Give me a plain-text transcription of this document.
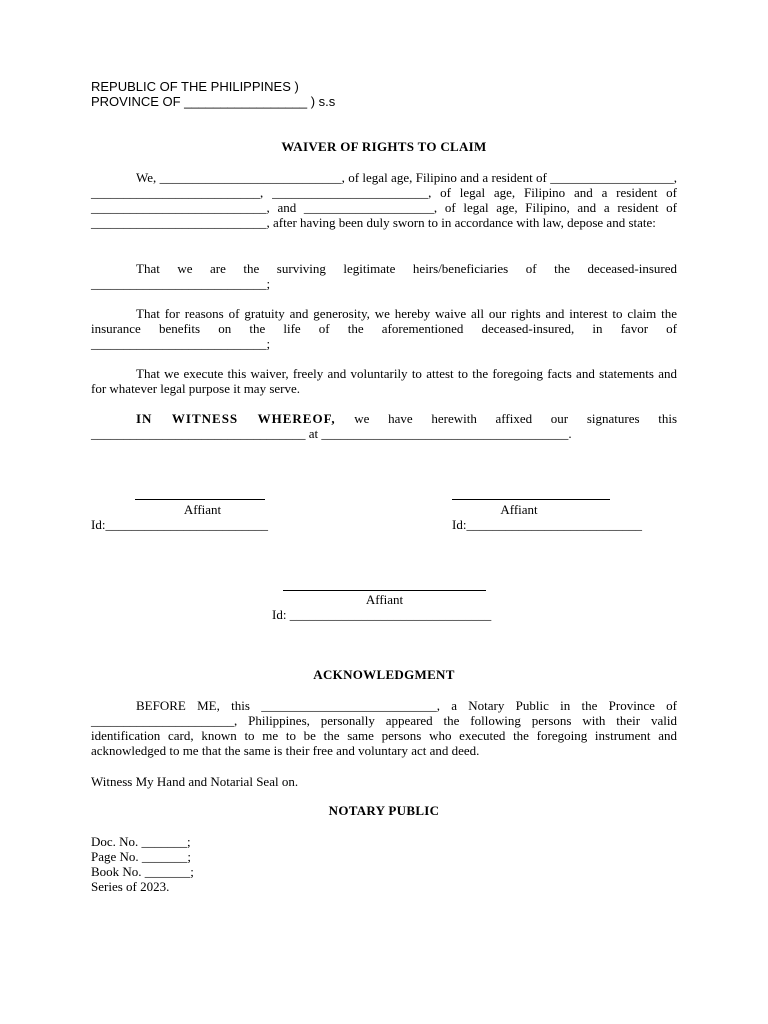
REPUBLIC OF THE PHILIPPINES )
PROVINCE OF _________________ ) s.s
WAIVER OF RIGHTS TO CLAIM
We, ____________________________, of legal age, Filipino and a resident of ___________________, __________________________, ________________________, of legal age, Filipino and a resident of ___________________________, and ____________________, of legal age, Filipino, and a resident of ___________________________, after having been duly sworn to in accordance with law, depose and state:
That we are the surviving legitimate heirs/beneficiaries of the deceased-insured ___________________________;
That for reasons of gratuity and generosity, we hereby waive all our rights and interest to claim the insurance benefits on the life of the aforementioned deceased-insured, in favor of ___________________________;
That we execute this waiver, freely and voluntarily to attest to the foregoing facts and statements and for whatever legal purpose it may serve.
IN WITNESS WHEREOF, we have herewith affixed our signatures this _________________________________ at ______________________________________.
Affiant
Id:_________________________
Affiant
Id:___________________________
Affiant
Id: _______________________________
ACKNOWLEDGMENT
BEFORE ME, this ___________________________, a Notary Public in the Province of ______________________, Philippines, personally appeared the following persons with their valid identification card, known to me to be the same persons who executed the foregoing instrument and acknowledged to me that the same is their free and voluntary act and deed.
Witness My Hand and Notarial Seal on.
NOTARY PUBLIC
Doc. No. _______;
Page No. _______;
Book No. _______;
Series of 2023.
